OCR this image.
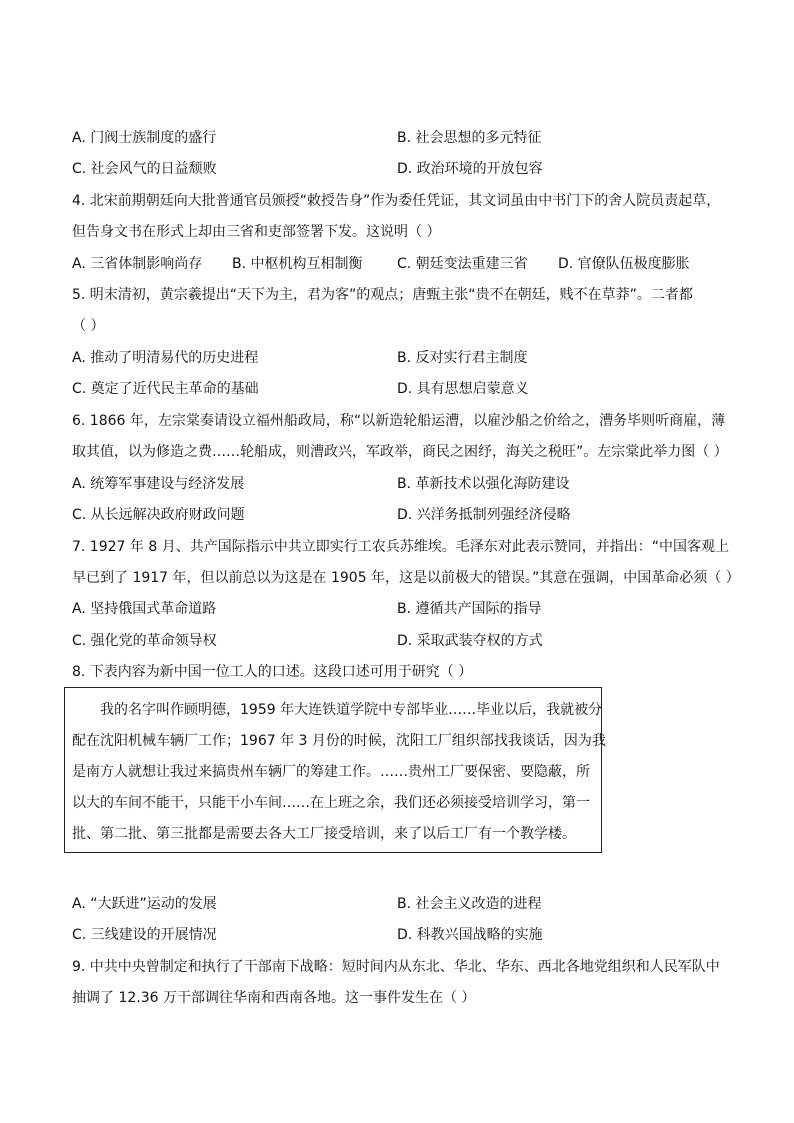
A. 门阀士族制度的盛行	B. 社会思想的多元特征
C. 社会风气的日益颓败	D. 政治环境的开放包容
4. 北宋前期朝廷向大批普通官员颁授“敕授告身”作为委任凭证，其文词虽由中书门下的舍人院员责起草，
但告身文书在形式上却由三省和吏部签署下发。这说明（ ）
A. 三省体制影响尚存 B. 中枢机构互相制衡 C. 朝廷变法重建三省 D. 官僚队伍极度膨胀
5. 明末清初，黄宗羲提出“天下为主，君为客”的观点；唐甄主张“贵不在朝廷，贱不在草莽”。二者都
（ ）
A. 推动了明清易代的历史进程	B. 反对实行君主制度
C. 奠定了近代民主革命的基础	D. 具有思想启蒙意义
6. 1866 年，左宗棠奏请设立福州船政局，称“以新造轮船运漕，以雇沙船之价给之，漕务毕则听商雇，薄
取其值，以为修造之费……轮船成，则漕政兴，军政举，商民之困纾，海关之税旺”。左宗棠此举力图（ ）
A. 统筹军事建设与经济发展	B. 革新技术以强化海防建设
C. 从长远解决政府财政问题	D. 兴洋务抵制列强经济侵略
7. 1927 年 8 月、共产国际指示中共立即实行工农兵苏维埃。毛泽东对此表示赞同，并指出：“中国客观上
早已到了 1917 年，但以前总以为这是在 1905 年，这是以前极大的错误。”其意在强调，中国革命必须（ ）
A. 坚持俄国式革命道路	B. 遵循共产国际的指导
C. 强化党的革命领导权	D. 采取武装夺权的方式
8. 下表内容为新中国一位工人的口述。这段口述可用于研究（ ）
我的名字叫作顾明德，1959 年大连铁道学院中专部毕业……毕业以后，我就被分
配在沈阳机械车辆厂工作；1967 年 3 月份的时候，沈阳工厂组织部找我谈话，因为我
是南方人就想让我过来搞贵州车辆厂的筹建工作。……贵州工厂要保密、要隐蔽，所
以大的车间不能干，只能干小车间……在上班之余，我们还必须接受培训学习，第一
批、第二批、第三批都是需要去各大工厂接受培训，来了以后工厂有一个教学楼。
A. “大跃进”运动的发展	B. 社会主义改造的进程
C. 三线建设的开展情况	D. 科教兴国战略的实施
9. 中共中央曾制定和执行了干部南下战略：短时间内从东北、华北、华东、西北各地党组织和人民军队中
抽调了 12.36 万干部调往华南和西南各地。这一事件发生在（ ）
